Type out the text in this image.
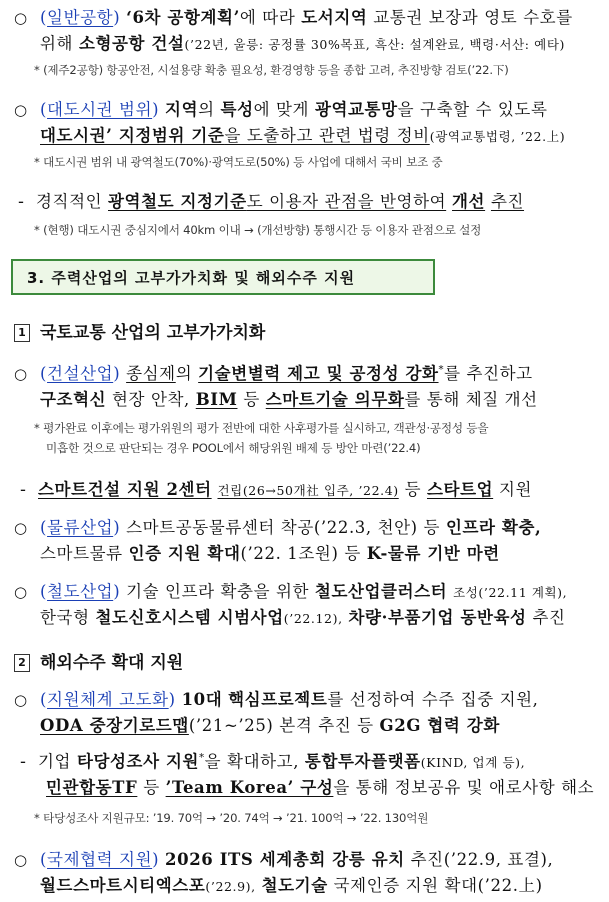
○ (일반공항) ‘6차 공항계획’에 따라 도서지역 교통권 보장과 영토 수호를
위해 소형공항 건설(’22년, 울릉: 공정률 30%목표, 흑산: 설계완료, 백령·서산: 예타)
* (제주2공항) 항공안전, 시설용량 확충 필요성, 환경영향 등을 종합 고려, 추진방향 검토(’22.下)
○ (대도시권 범위) 지역의 특성에 맞게 광역교통망을 구축할 수 있도록
대도시권’ 지정범위 기준을 도출하고 관련 법령 정비(광역교통법령, ’22.上)
* 대도시권 범위 내 광역철도(70%)·광역도로(50%) 등 사업에 대해서 국비 보조 중
- 경직적인 광역철도 지정기준도 이용자 관점을 반영하여 개선 추진
* (현행) 대도시권 중심지에서 40km 이내 → (개선방향) 통행시간 등 이용자 관점으로 설정
3. 주력산업의 고부가가치화 및 해외수주 지원
1 국토교통 산업의 고부가가치화
○ (건설산업) 종심제의 기술변별력 제고 및 공정성 강화*를 추진하고
구조혁신 현장 안착, BIM 등 스마트기술 의무화를 통해 체질 개선
* 평가완료 이후에는 평가위원의 평가 전반에 대한 사후평가를 실시하고, 객관성·공정성 등을
미흡한 것으로 판단되는 경우 POOL에서 해당위원 배제 등 방안 마련(’22.4)
- 스마트건설 지원 2센터 건립(26→50개社 입주, ’22.4) 등 스타트업 지원
○ (물류산업) 스마트공동물류센터 착공(’22.3, 천안) 등 인프라 확충,
스마트물류 인증 지원 확대(’22. 1조원) 등 K-물류 기반 마련
○ (철도산업) 기술 인프라 확충을 위한 철도산업클러스터 조성(’22.11 계획),
한국형 철도신호시스템 시범사업(’22.12), 차량·부품기업 동반육성 추진
2 해외수주 확대 지원
○ (지원체계 고도화) 10대 핵심프로젝트를 선정하여 수주 집중 지원,
ODA 중장기로드맵(’21~’25) 본격 추진 등 G2G 협력 강화
- 기업 타당성조사 지원*을 확대하고, 통합투자플랫폼(KIND, 업계 등),
민관합동TF 등 ’Team Korea’ 구성을 통해 정보공유 및 애로사항 해소
* 타당성조사 지원규모: ’19. 70억 → ’20. 74억 → ’21. 100억 → ’22. 130억원
○ (국제협력 지원) 2026 ITS 세계총회 강릉 유치 추진(’22.9, 표결),
월드스마트시티엑스포(’22.9), 철도기술 국제인증 지원 확대(’22.上)
